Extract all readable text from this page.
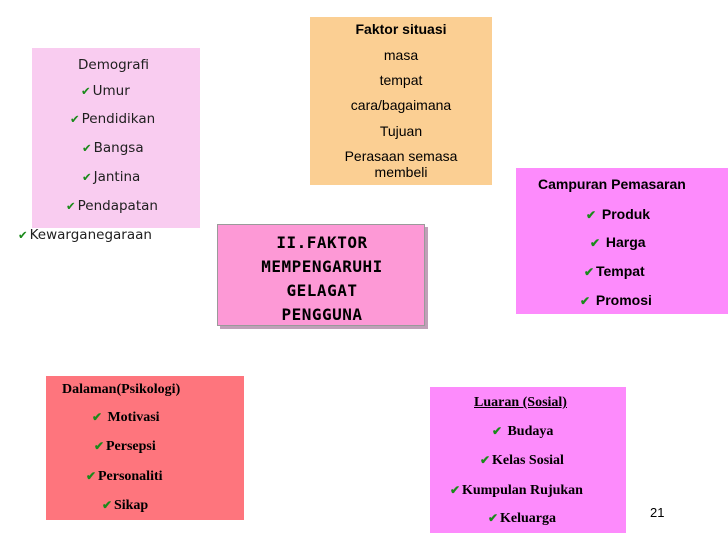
Faktor situasi
masa
tempat
cara/bagaimana
Tujuan
Perasaan semasa
membeli
Demografi
✔ Umur
✔ Pendidikan
✔ Bangsa
✔ Jantina
✔ Pendapatan
✔ Kewarganegaraan
Campuran Pemasaran
✔ Produk
✔ Harga
✔ Tempat
✔ Promosi
II.FAKTOR
MEMPENGARUHI
GELAGAT
PENGGUNA
Dalaman(Psikologi)
✔ Motivasi
✔ Persepsi
✔ Personaliti
✔ Sikap
Luaran (Sosial)
✔ Budaya
✔ Kelas Sosial
✔ Kumpulan Rujukan
✔ Keluarga	21
